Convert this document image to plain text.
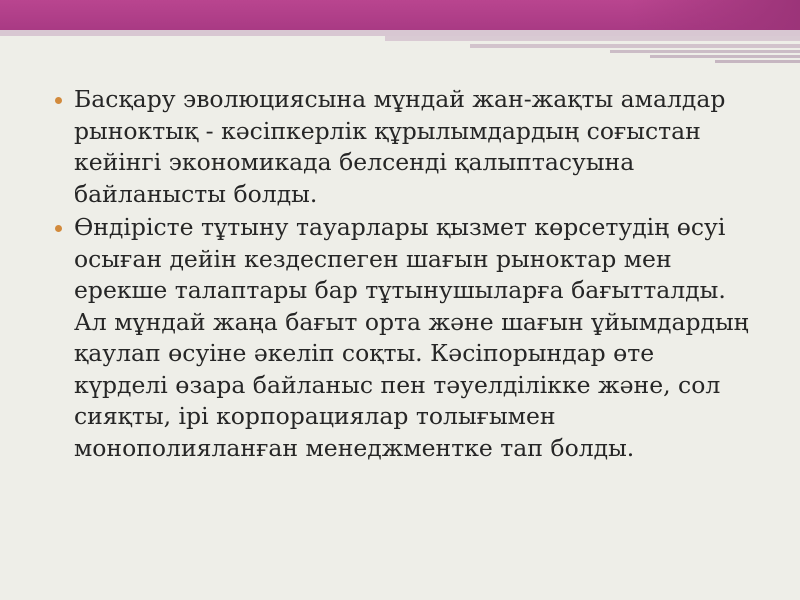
Басқару эволюциясына мұндай жан-жақты амалдар рыноктық - кәсіпкерлік құрылымдардың соғыстан кейінгі экономикада белсенді қалыптасуына байланысты болды.
Өндірісте тұтыну тауарлары қызмет көрсетудің өсуі осыған дейін кездеспеген шағын рыноктар мен ерекше талаптары бар тұтынушыларға бағытталды. Ал мұндай жаңа бағыт орта және шағын ұйымдардың қаулап өсуіне әкеліп соқты. Кәсіпорындар өте күрделі өзара байланыс пен тәуелділікке және, сол сияқты, ірі корпорациялар толығымен монополияланған менеджментке тап болды.
